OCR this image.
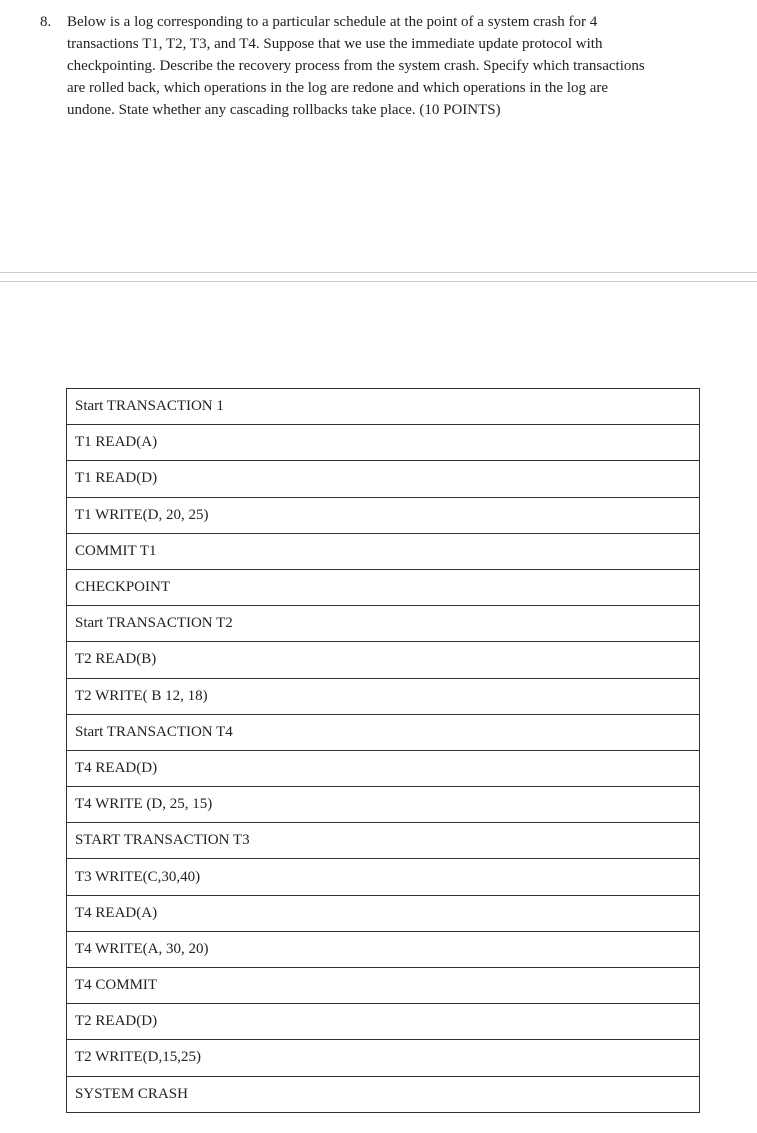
8. Below is a log corresponding to a particular schedule at the point of a system crash for 4
transactions T1, T2, T3, and T4. Suppose that we use the immediate update protocol with
checkpointing. Describe the recovery process from the system crash. Specify which transactions
are rolled back, which operations in the log are redone and which operations in the log are
undone. State whether any cascading rollbacks take place. (10 POINTS)
Start TRANSACTION 1
T1 READ(A)
T1 READ(D)
T1 WRITE(D, 20, 25)
COMMIT T1
CHECKPOINT
Start TRANSACTION T2
T2 READ(B)
T2 WRITE( B 12, 18)
Start TRANSACTION T4
T4 READ(D)
T4 WRITE (D, 25, 15)
START TRANSACTION T3
T3 WRITE(C,30,40)
T4 READ(A)
T4 WRITE(A, 30, 20)
T4 COMMIT
T2 READ(D)
T2 WRITE(D,15,25)
SYSTEM CRASH
